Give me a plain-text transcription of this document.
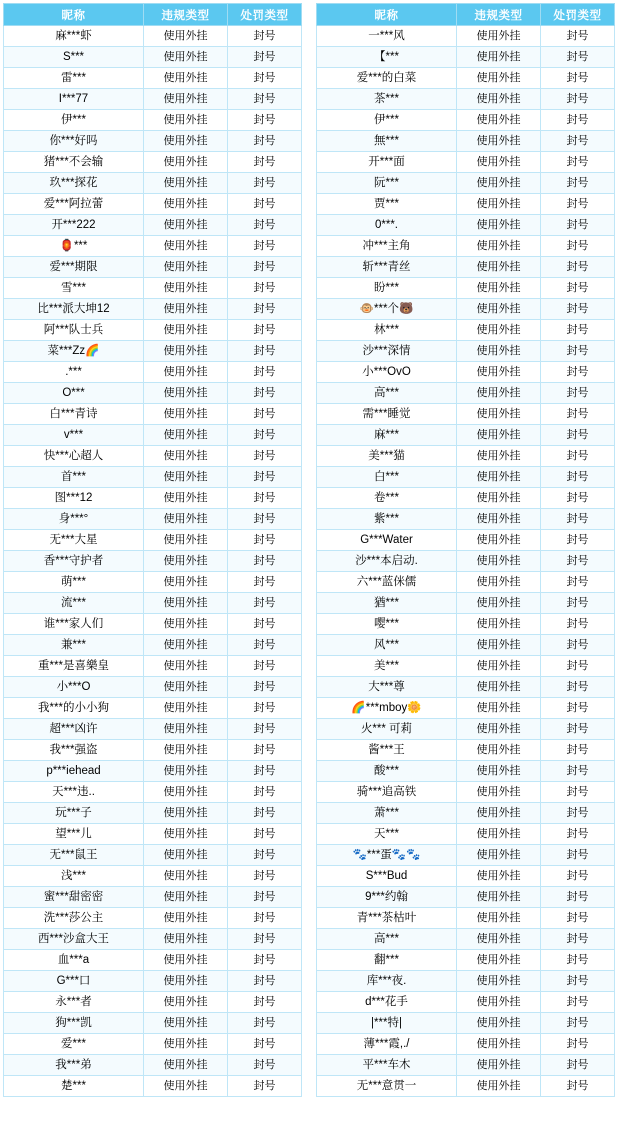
昵称	违规类型	处罚类型
麻***虾	使用外挂	封号
S***	使用外挂	封号
雷***	使用外挂	封号
I***77	使用外挂	封号
伊***	使用外挂	封号
你***好吗	使用外挂	封号
猪***不会输	使用外挂	封号
玖***探花	使用外挂	封号
爱***阿拉蕾	使用外挂	封号
开***222	使用外挂	封号
🏮***	使用外挂	封号
爱***期限	使用外挂	封号
雪***	使用外挂	封号
比***派大坤12	使用外挂	封号
阿***队士兵	使用外挂	封号
菜***Zz🌈	使用外挂	封号
.***	使用外挂	封号
O***	使用外挂	封号
白***青诗	使用外挂	封号
v***	使用外挂	封号
快***心超人	使用外挂	封号
首***	使用外挂	封号
图***12	使用外挂	封号
身***°	使用外挂	封号
无***大星	使用外挂	封号
香***守护者	使用外挂	封号
萌***	使用外挂	封号
流***	使用外挂	封号
谁***家人们	使用外挂	封号
兼***	使用外挂	封号
重***是喜樂皇	使用外挂	封号
小***O	使用外挂	封号
我***的小小狗	使用外挂	封号
超***凶许	使用外挂	封号
我***强盗	使用外挂	封号
p***iehead	使用外挂	封号
天***违..	使用外挂	封号
玩***子	使用外挂	封号
望***儿	使用外挂	封号
无***鼠王	使用外挂	封号
浅***	使用外挂	封号
蜜***甜密密	使用外挂	封号
洗***莎公主	使用外挂	封号
西***沙盒大王	使用外挂	封号
血***a	使用外挂	封号
G***口	使用外挂	封号
永***者	使用外挂	封号
狗***凯	使用外挂	封号
爱***	使用外挂	封号
我***弟	使用外挂	封号
楚***	使用外挂	封号
昵称	违规类型	处罚类型
一***风	使用外挂	封号
【***	使用外挂	封号
爱***的白菜	使用外挂	封号
茶***	使用外挂	封号
伊***	使用外挂	封号
無***	使用外挂	封号
开***面	使用外挂	封号
阮***	使用外挂	封号
贾***	使用外挂	封号
0***.	使用外挂	封号
冲***主角	使用外挂	封号
斩***青丝	使用外挂	封号
盼***	使用外挂	封号
🐵***个🐻	使用外挂	封号
林***	使用外挂	封号
沙***深情	使用外挂	封号
小***OvO	使用外挂	封号
高***	使用外挂	封号
需***睡觉	使用外挂	封号
麻***	使用外挂	封号
美***猫	使用外挂	封号
白***	使用外挂	封号
卷***	使用外挂	封号
紫***	使用外挂	封号
G***Water	使用外挂	封号
沙***本启动.	使用外挂	封号
六***蓝侎儒	使用外挂	封号
猶***	使用外挂	封号
嘤***	使用外挂	封号
风***	使用外挂	封号
美***	使用外挂	封号
大***尊	使用外挂	封号
🌈***mboy🌼	使用外挂	封号
火*** 可莉	使用外挂	封号
酱***王	使用外挂	封号
酸***	使用外挂	封号
骑***追高铁	使用外挂	封号
萧***	使用外挂	封号
天***	使用外挂	封号
🐾***蛋🐾🐾	使用外挂	封号
S***Bud	使用外挂	封号
9***约翰	使用外挂	封号
青***茶枯叶	使用外挂	封号
高***	使用外挂	封号
翻***	使用外挂	封号
库***夜.	使用外挂	封号
d***花手	使用外挂	封号
|***特|	使用外挂	封号
薄***霞,./	使用外挂	封号
平***车木	使用外挂	封号
无***意贯一	使用外挂	封号
